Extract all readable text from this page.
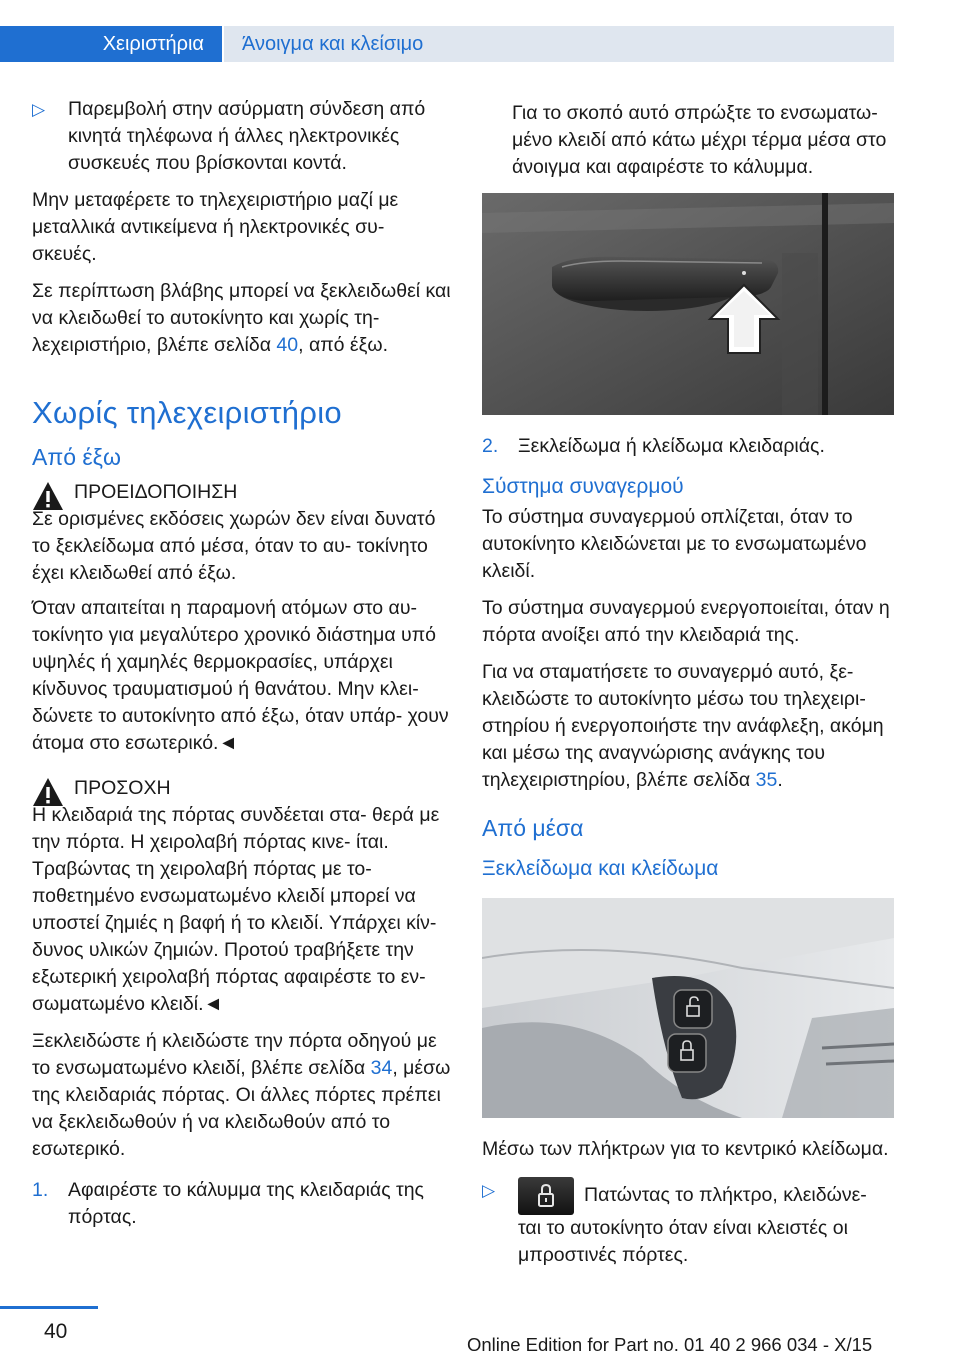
Χειριστήρια	Άνοιγμα και κλείσιμο
▷	Παρεμβολή στην ασύρματη σύνδεση από κινητά τηλέφωνα ή άλλες ηλεκτρονικές συσκευές που βρίσκονται κοντά.

Μην μεταφέρετε το τηλεχειριστήριο μαζί με μεταλλικά αντικείμενα ή ηλεκτρονικές συ- σκευές.

Σε περίπτωση βλάβης μπορεί να ξεκλειδωθεί και να κλειδωθεί το αυτοκίνητο και χωρίς τη- λεχειριστήριο, βλέπε σελίδα 40, από έξω.

Χωρίς τηλεχειριστήριο
Από έξω
ΠΡΟΕΙΔΟΠΟΙΗΣΗ
Σε ορισμένες εκδόσεις χωρών δεν είναι δυνατό το ξεκλείδωμα από μέσα, όταν το αυ- τοκίνητο έχει κλειδωθεί από έξω.

Όταν απαιτείται η παραμονή ατόμων στο αυ- τοκίνητο για μεγαλύτερο χρονικό διάστημα υπό υψηλές ή χαμηλές θερμοκρασίες, υπάρχει κίνδυνος τραυματισμού ή θανάτου. Μην κλει- δώνετε το αυτοκίνητο από έξω, όταν υπάρ- χουν άτομα στο εσωτερικό.◄

ΠΡΟΣΟΧΗ
Η κλειδαριά της πόρτας συνδέεται στα- θερά με την πόρτα. Η χειρολαβή πόρτας κινε- ίται. Τραβώντας τη χειρολαβή πόρτας με το- ποθετημένο ενσωματωμένο κλειδί μπορεί να υποστεί ζημιές η βαφή ή το κλειδί. Υπάρχει κίν- δυνος υλικών ζημιών. Προτού τραβήξετε την εξωτερική χειρολαβή πόρτας αφαιρέστε το εν- σωματωμένο κλειδί.◄

Ξεκλειδώστε ή κλειδώστε την πόρτα οδηγού με το ενσωματωμένο κλειδί, βλέπε σελίδα 34, μέσω της κλειδαριάς πόρτας. Οι άλλες πόρτες πρέπει να ξεκλειδωθούν ή να κλειδωθούν από το εσωτερικό.

1.	Αφαιρέστε το κάλυμμα της κλειδαριάς της πόρτας.

Για το σκοπό αυτό σπρώξτε το ενσωματω- μένο κλειδί από κάτω μέχρι τέρμα μέσα στο άνοιγμα και αφαιρέστε το κάλυμμα.

2.	Ξεκλείδωμα ή κλείδωμα κλειδαριάς.
Σύστημα συναγερμού

Το σύστημα συναγερμού οπλίζεται, όταν το αυτοκίνητο κλειδώνεται με το ενσωματωμένο κλειδί.

Το σύστημα συναγερμού ενεργοποιείται, όταν η πόρτα ανοίξει από την κλειδαριά της.

Για να σταματήσετε το συναγερμό αυτό, ξε- κλειδώστε το αυτοκίνητο μέσω του τηλεχειρι- στηρίου ή ενεργοποιήστε την ανάφλεξη, ακόμη και μέσω της αναγνώρισης ανάγκης του τηλεχειριστηρίου, βλέπε σελίδα 35.

Από μέσα
Ξεκλείδωμα και κλείδωμα

Μέσω των πλήκτρων για το κεντρικό κλείδωμα.

▷	Πατώντας το πλήκτρο, κλειδώνε- ται το αυτοκίνητο όταν είναι κλειστές οι μπροστινές πόρτες.
40
Online Edition for Part no. 01 40 2 966 034 - X/15
